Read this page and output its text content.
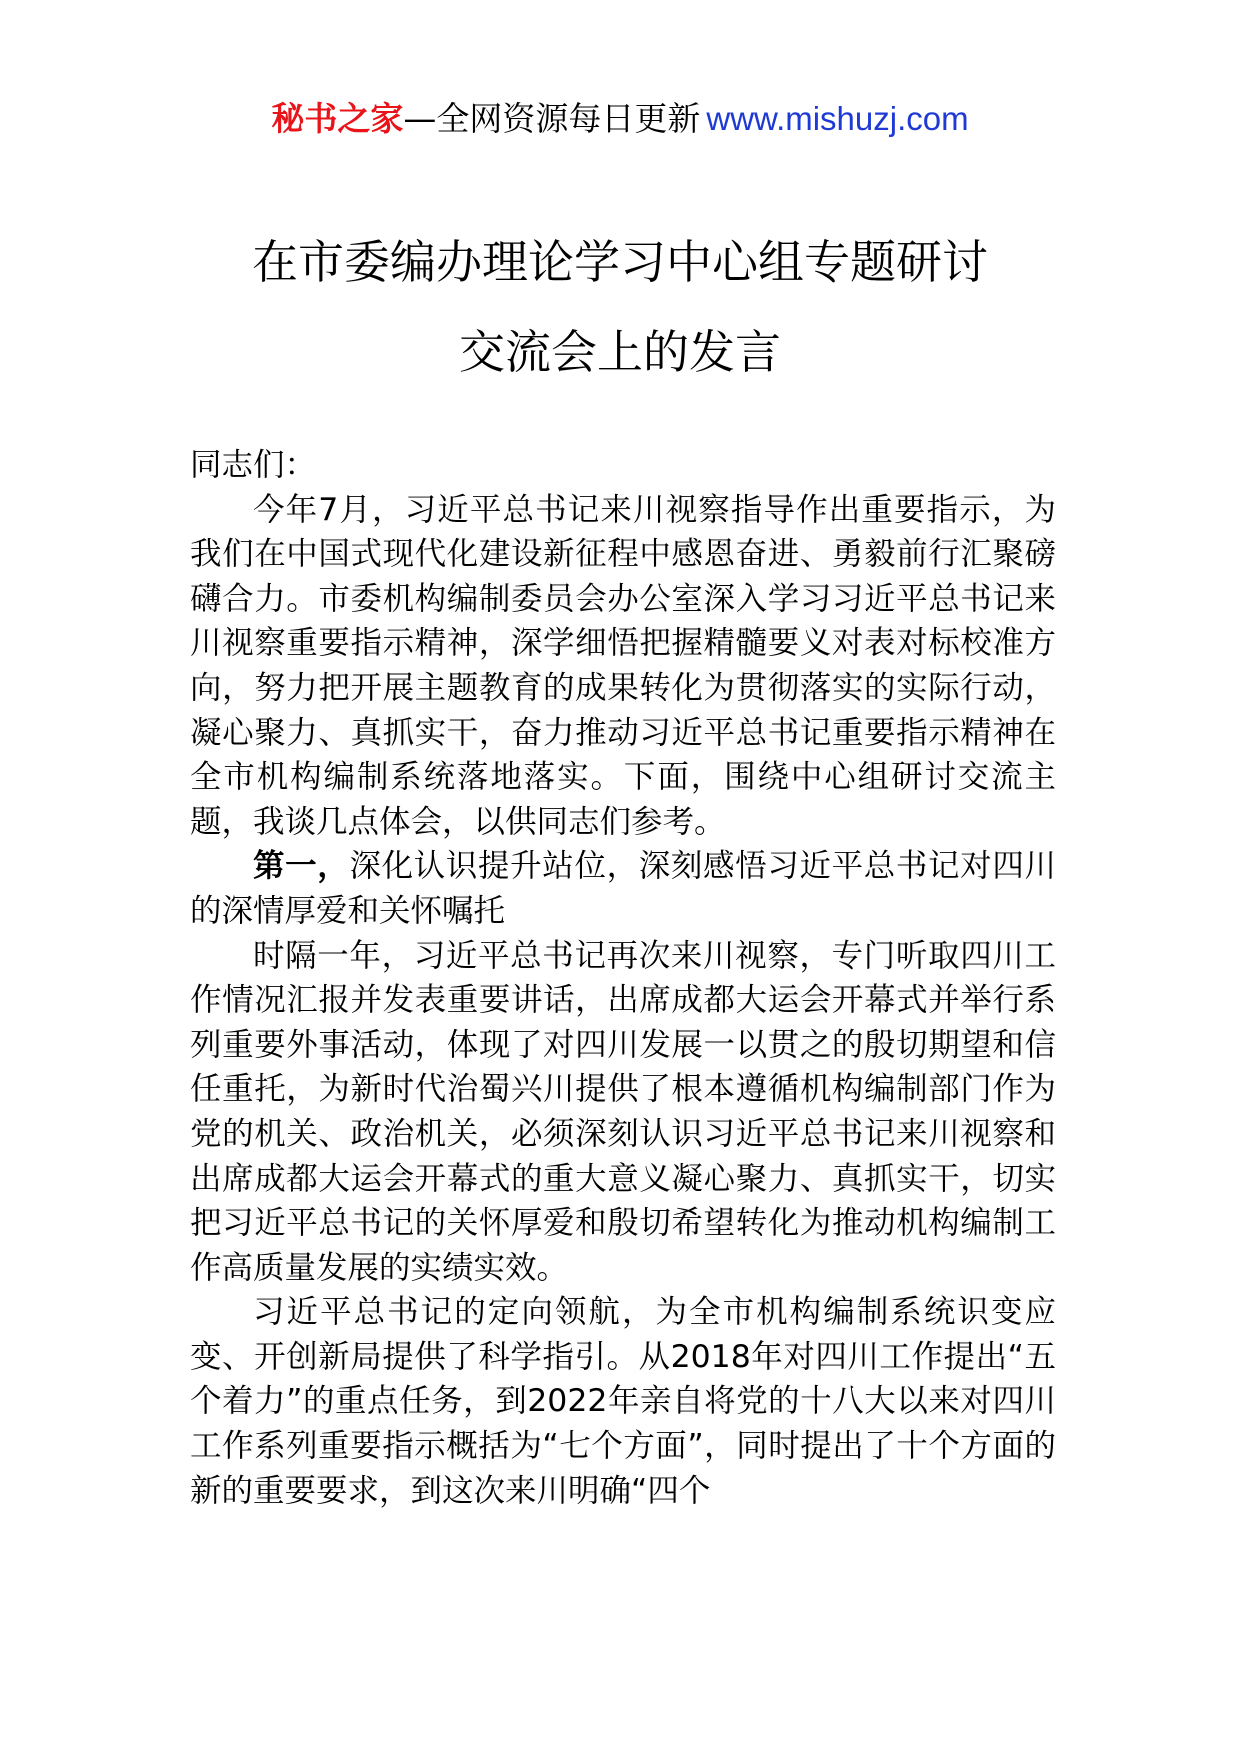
秘书之家—全网资源每日更新 www.mishuzj.com
在市委编办理论学习中心组专题研讨
交流会上的发言

同志们：

今年7月，习近平总书记来川视察指导作出重要指示，为我们在中国式现代化建设新征程中感恩奋进、勇毅前行汇聚磅礴合力。市委机构编制委员会办公室深入学习习近平总书记来川视察重要指示精神，深学细悟把握精髓要义对表对标校准方向，努力把开展主题教育的成果转化为贯彻落实的实际行动，凝心聚力、真抓实干，奋力推动习近平总书记重要指示精神在全市机构编制系统落地落实。下面，围绕中心组研讨交流主题，我谈几点体会，以供同志们参考。

第一，深化认识提升站位，深刻感悟习近平总书记对四川的深情厚爱和关怀嘱托

时隔一年，习近平总书记再次来川视察，专门听取四川工作情况汇报并发表重要讲话，出席成都大运会开幕式并举行系列重要外事活动，体现了对四川发展一以贯之的殷切期望和信任重托，为新时代治蜀兴川提供了根本遵循机构编制部门作为党的机关、政治机关，必须深刻认识习近平总书记来川视察和出席成都大运会开幕式的重大意义凝心聚力、真抓实干，切实把习近平总书记的关怀厚爱和殷切希望转化为推动机构编制工作高质量发展的实绩实效。

习近平总书记的定向领航，为全市机构编制系统识变应变、开创新局提供了科学指引。从2018年对四川工作提出“五个着力”的重点任务，到2022年亲自将党的十八大以来对四川工作系列重要指示概括为“七个方面”，同时提出了十个方面的新的重要要求，到这次来川明确“四个
